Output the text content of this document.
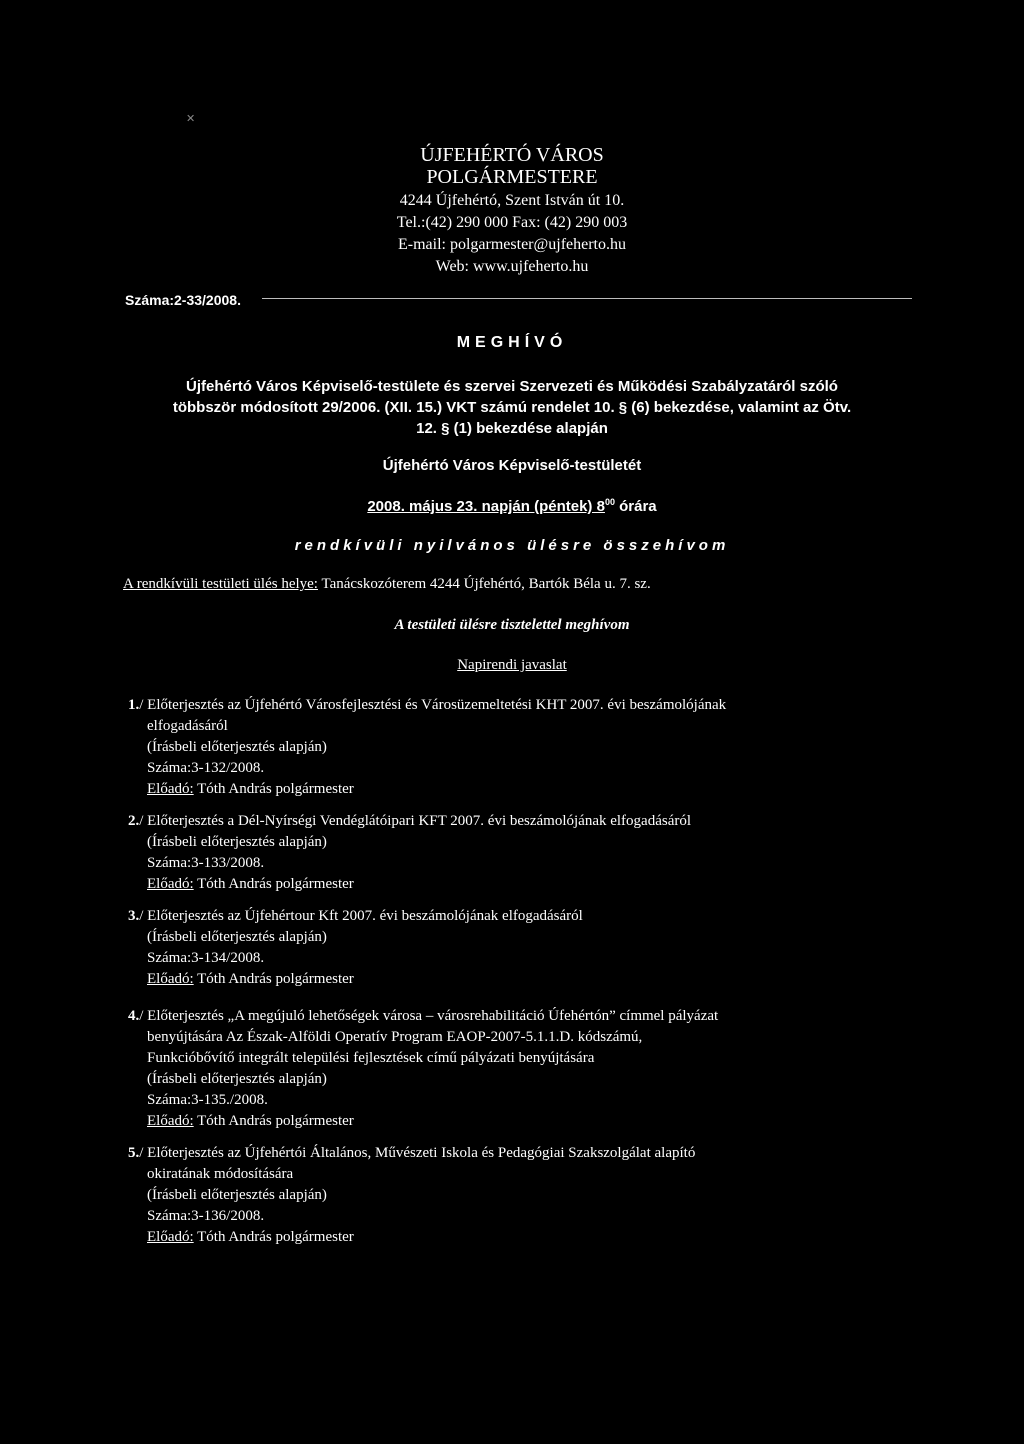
✕
ÚJFEHÉRTÓ VÁROS
POLGÁRMESTERE
4244 Újfehértó, Szent István út 10.
Tel.:(42) 290 000 Fax: (42) 290 003
E-mail: polgarmester@ujfeherto.hu
Web: www.ujfeherto.hu
Száma:2-33/2008.
MEGHÍVÓ
Újfehértó Város Képviselő-testülete és szervei Szervezeti és Működési Szabályzatáról szóló
többször módosított 29/2006. (XII. 15.) VKT számú rendelet 10. § (6) bekezdése, valamint az Ötv.
12. § (1) bekezdése alapján
Újfehértó Város Képviselő-testületét
2008. május 23. napján (péntek) $8^{00}$ órára
rendkívüli nyilvános ülésre összehívom
A rendkívüli testületi ülés helye: Tanácskozóterem 4244 Újfehértó, Bartók Béla u. 7. sz.
A testületi ülésre tisztelettel meghívom
Napirendi javaslat
1./ Előterjesztés az Újfehértó Városfejlesztési és Városüzemeltetési KHT 2007. évi beszámolójának
elfogadásáról
(Írásbeli előterjesztés alapján)
Száma:3-132/2008.
Előadó: Tóth András polgármester
2./ Előterjesztés a Dél-Nyírségi Vendéglátóipari KFT 2007. évi beszámolójának elfogadásáról
(Írásbeli előterjesztés alapján)
Száma:3-133/2008.
Előadó: Tóth András polgármester
3./ Előterjesztés az Újfehértour Kft 2007. évi beszámolójának elfogadásáról
(Írásbeli előterjesztés alapján)
Száma:3-134/2008.
Előadó: Tóth András polgármester
4./ Előterjesztés „A megújuló lehetőségek városa – városrehabilitáció Úfehértón” címmel pályázat
benyújtására Az Észak-Alföldi Operatív Program EAOP-2007-5.1.1.D. kódszámú,
Funkcióbővítő integrált települési fejlesztések című pályázati benyújtására
(Írásbeli előterjesztés alapján)
Száma:3-135./2008.
Előadó: Tóth András polgármester
5./ Előterjesztés az Újfehértói Általános, Művészeti Iskola és Pedagógiai Szakszolgálat alapító
okiratának módosítására
(Írásbeli előterjesztés alapján)
Száma:3-136/2008.
Előadó: Tóth András polgármester
